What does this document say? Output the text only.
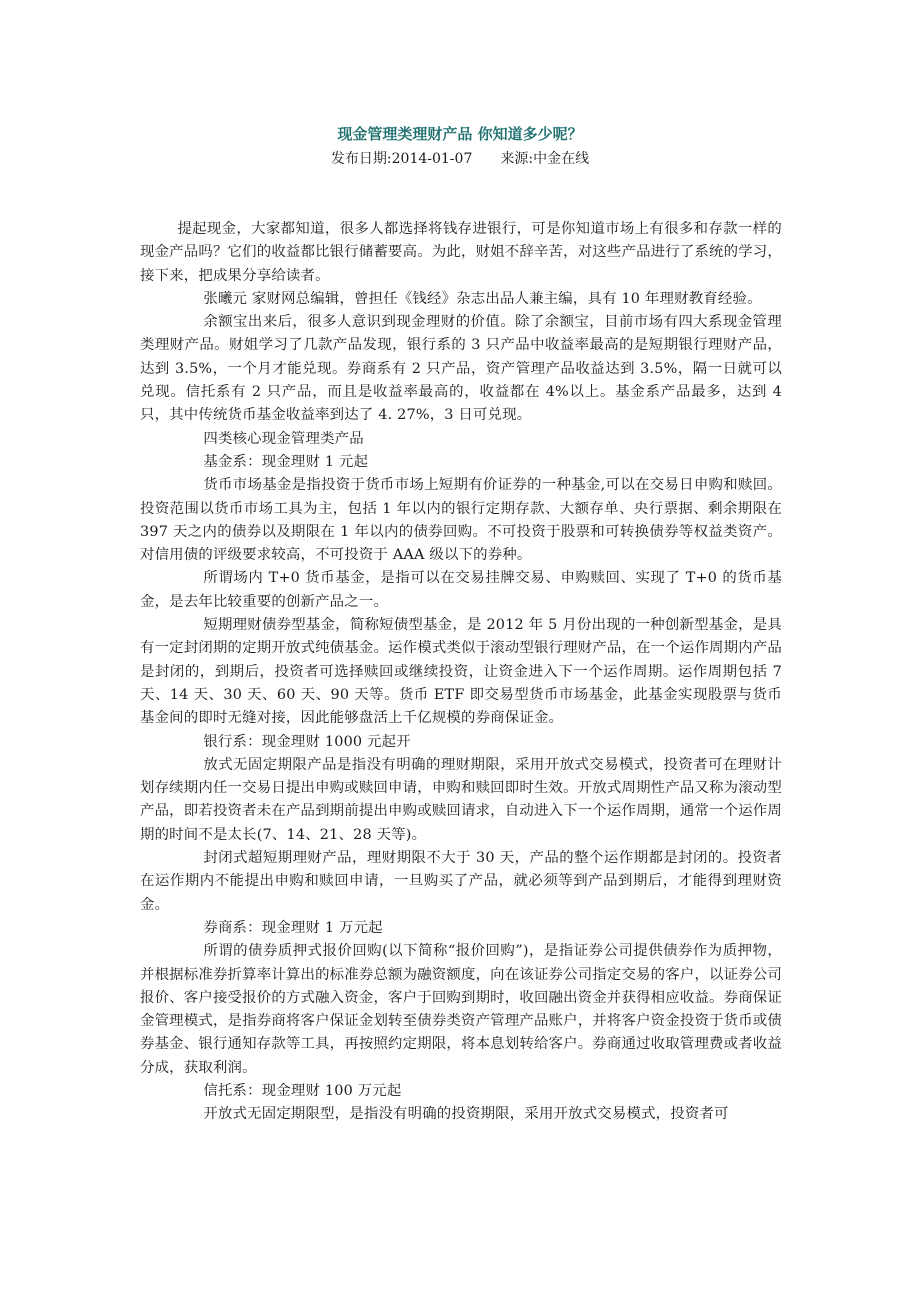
现金管理类理财产品 你知道多少呢？
发布日期:2014-01-07 来源:中金在线

提起现金，大家都知道，很多人都选择将钱存进银行，可是你知道市场上有很多和存款一样的现金产品吗？它们的收益都比银行储蓄要高。为此，财姐不辞辛苦，对这些产品进行了系统的学习，接下来，把成果分享给读者。

张曦元 家财网总编辑，曾担任《钱经》杂志出品人兼主编，具有 10 年理财教育经验。

余额宝出来后，很多人意识到现金理财的价值。除了余额宝，目前市场有四大系现金管理类理财产品。财姐学习了几款产品发现，银行系的 3 只产品中收益率最高的是短期银行理财产品，达到 3.5%，一个月才能兑现。券商系有 2 只产品，资产管理产品收益达到 3.5%，隔一日就可以兑现。信托系有 2 只产品，而且是收益率最高的，收益都在 4%以上。基金系产品最多，达到 4 只，其中传统货币基金收益率到达了 4. 27%，3 日可兑现。

四类核心现金管理类产品

基金系：现金理财 1 元起

货币市场基金是指投资于货币市场上短期有价证券的一种基金,可以在交易日申购和赎回。投资范围以货币市场工具为主，包括 1 年以内的银行定期存款、大额存单、央行票据、剩余期限在 397 天之内的债券以及期限在 1 年以内的债券回购。不可投资于股票和可转换债券等权益类资产。对信用债的评级要求较高，不可投资于 AAA 级以下的券种。

所谓场内 T+0 货币基金，是指可以在交易挂牌交易、申购赎回、实现了 T+0 的货币基金，是去年比较重要的创新产品之一。

短期理财债券型基金，简称短债型基金，是 2012 年 5 月份出现的一种创新型基金，是具有一定封闭期的定期开放式纯债基金。运作模式类似于滚动型银行理财产品，在一个运作周期内产品是封闭的，到期后，投资者可选择赎回或继续投资，让资金进入下一个运作周期。运作周期包括 7 天、14 天、30 天、60 天、90 天等。货币 ETF 即交易型货币市场基金，此基金实现股票与货币基金间的即时无缝对接，因此能够盘活上千亿规模的券商保证金。

银行系：现金理财 1000 元起开

放式无固定期限产品是指没有明确的理财期限，采用开放式交易模式，投资者可在理财计划存续期内任一交易日提出申购或赎回申请，申购和赎回即时生效。开放式周期性产品又称为滚动型产品，即若投资者未在产品到期前提出申购或赎回请求，自动进入下一个运作周期，通常一个运作周期的时间不是太长(7、14、21、28 天等)。

封闭式超短期理财产品，理财期限不大于 30 天，产品的整个运作期都是封闭的。投资者在运作期内不能提出申购和赎回申请，一旦购买了产品，就必须等到产品到期后，才能得到理财资金。

券商系：现金理财 1 万元起

所谓的债券质押式报价回购(以下简称“报价回购”)，是指证券公司提供债券作为质押物，并根据标准券折算率计算出的标准券总额为融资额度，向在该证券公司指定交易的客户，以证券公司报价、客户接受报价的方式融入资金，客户于回购到期时，收回融出资金并获得相应收益。券商保证金管理模式，是指券商将客户保证金划转至债券类资产管理产品账户，并将客户资金投资于货币或债券基金、银行通知存款等工具，再按照约定期限，将本息划转给客户。券商通过收取管理费或者收益分成，获取利润。

信托系：现金理财 100 万元起

开放式无固定期限型，是指没有明确的投资期限，采用开放式交易模式，投资者可
